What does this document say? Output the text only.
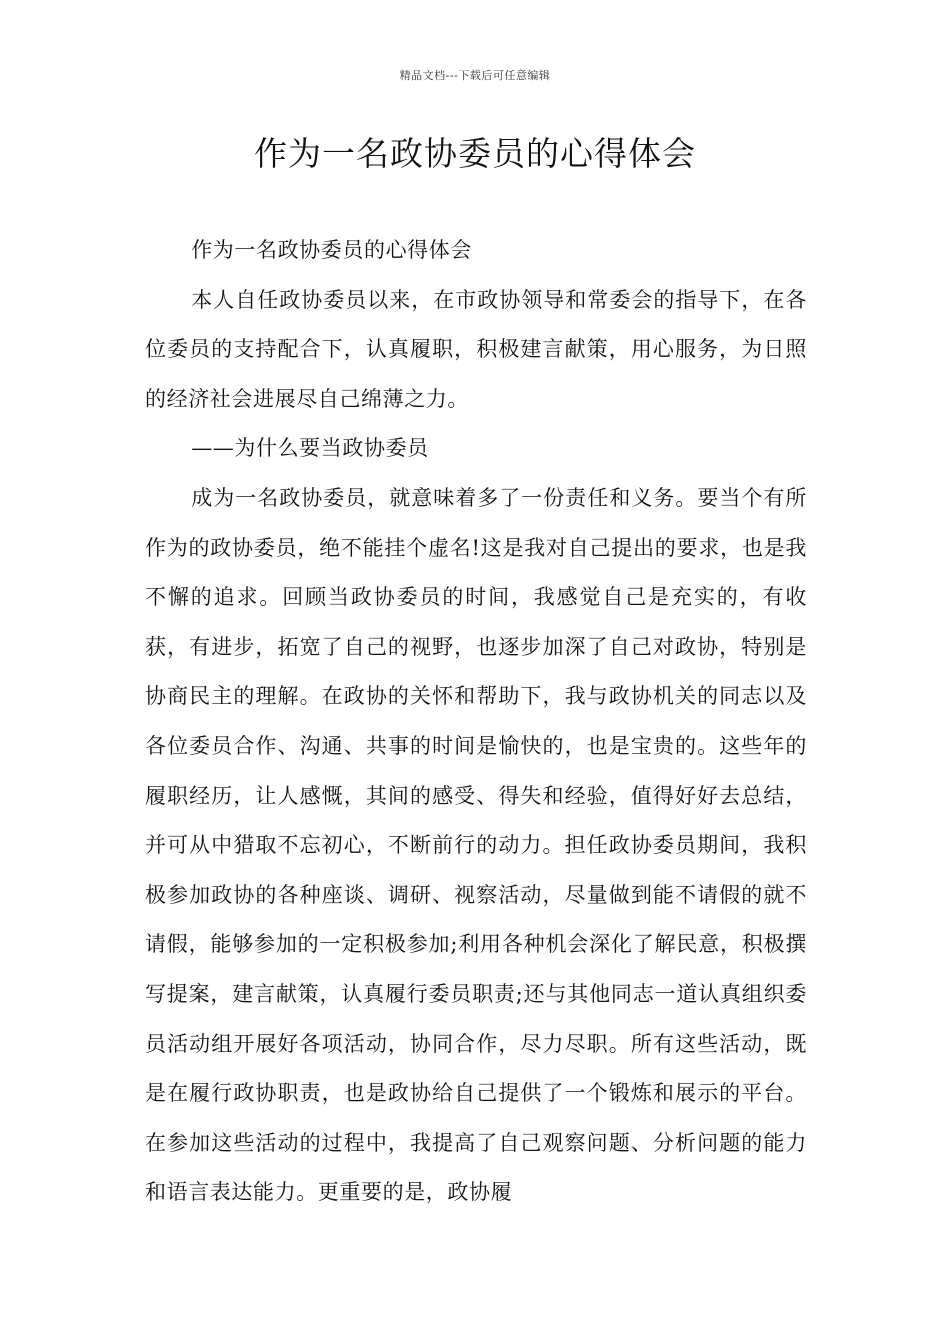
精品文档---下载后可任意编辑
作为一名政协委员的心得体会

作为一名政协委员的心得体会

本人自任政协委员以来，在市政协领导和常委会的指导下，在各位委员的支持配合下，认真履职，积极建言献策，用心服务，为日照的经济社会进展尽自己绵薄之力。

——为什么要当政协委员

成为一名政协委员，就意味着多了一份责任和义务。要当个有所作为的政协委员，绝不能挂个虚名!这是我对自己提出的要求，也是我不懈的追求。回顾当政协委员的时间，我感觉自己是充实的，有收获，有进步，拓宽了自己的视野，也逐步加深了自己对政协，特别是协商民主的理解。在政协的关怀和帮助下，我与政协机关的同志以及各位委员合作、沟通、共事的时间是愉快的，也是宝贵的。这些年的履职经历，让人感慨，其间的感受、得失和经验，值得好好去总结，并可从中猎取不忘初心，不断前行的动力。担任政协委员期间，我积极参加政协的各种座谈、调研、视察活动，尽量做到能不请假的就不请假，能够参加的一定积极参加;利用各种机会深化了解民意，积极撰写提案，建言献策，认真履行委员职责;还与其他同志一道认真组织委员活动组开展好各项活动，协同合作，尽力尽职。所有这些活动，既是在履行政协职责，也是政协给自己提供了一个锻炼和展示的平台。在参加这些活动的过程中，我提高了自己观察问题、分析问题的能力和语言表达能力。更重要的是，政协履
